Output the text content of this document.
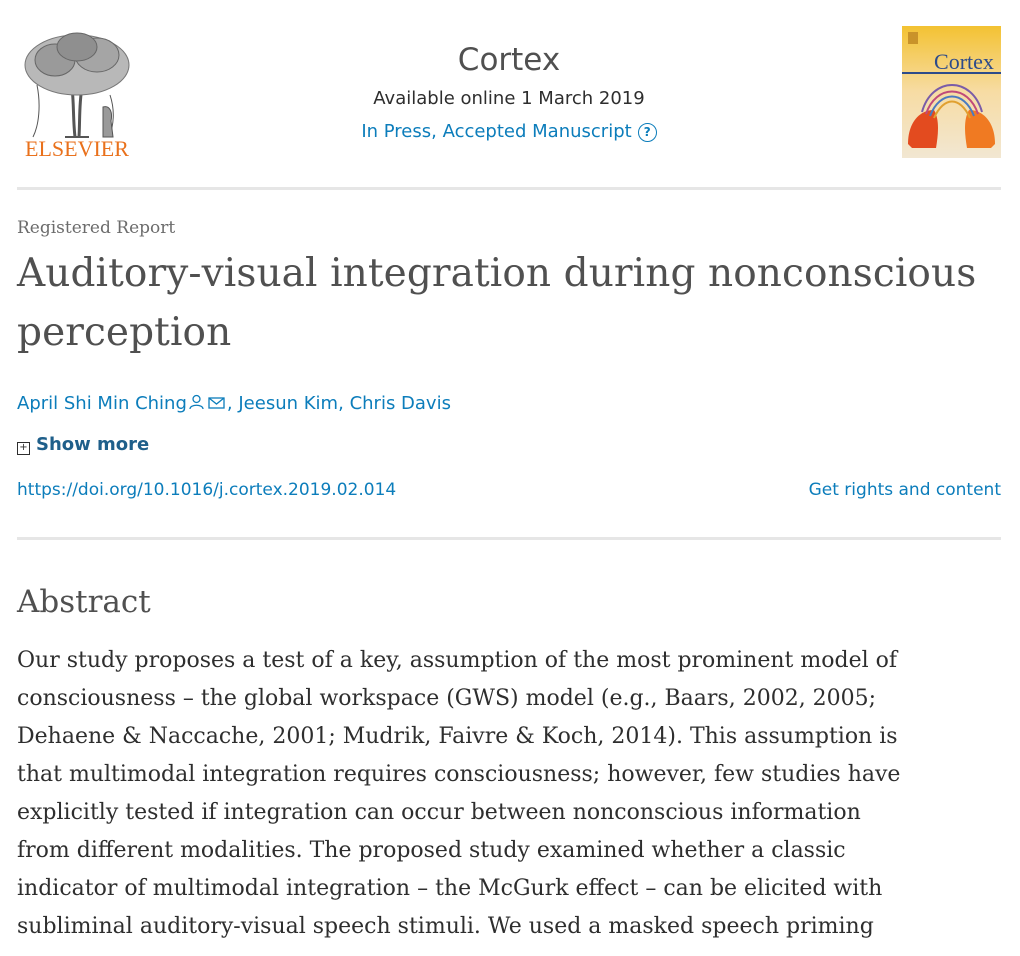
ELSEVIER
Cortex
Available online 1 March 2019
In Press, Accepted Manuscript ?
Cortex
Registered Report
Auditory-visual integration during nonconscious perception
April Shi Min Ching , Jeesun Kim, Chris Davis
+ Show more
https://doi.org/10.1016/j.cortex.2019.02.014	Get rights and content
Abstract
Our study proposes a test of a key, assumption of the most prominent model of
consciousness – the global workspace (GWS) model (e.g., Baars, 2002, 2005;
Dehaene & Naccache, 2001; Mudrik, Faivre & Koch, 2014). This assumption is
that multimodal integration requires consciousness; however, few studies have
explicitly tested if integration can occur between nonconscious information
from different modalities. The proposed study examined whether a classic
indicator of multimodal integration – the McGurk effect – can be elicited with
subliminal auditory-visual speech stimuli. We used a masked speech priming
